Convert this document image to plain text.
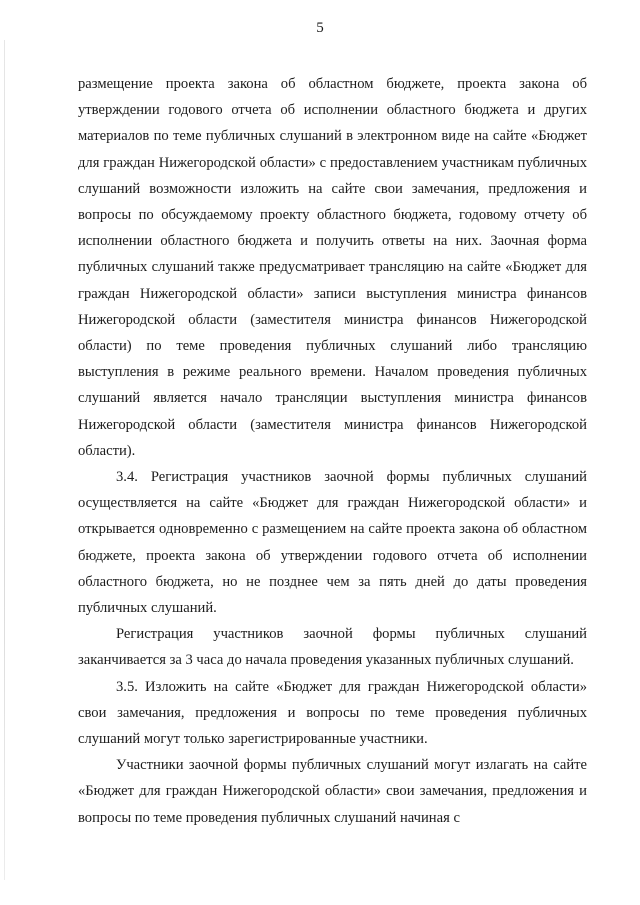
5

размещение проекта закона об областном бюджете, проекта закона об утверждении годового отчета об исполнении областного бюджета и других материалов по теме публичных слушаний в электронном виде на сайте «Бюджет для граждан Нижегородской области» с предоставлением участникам публичных слушаний возможности изложить на сайте свои замечания, предложения и вопросы по обсуждаемому проекту областного бюджета, годовому отчету об исполнении областного бюджета и получить ответы на них. Заочная форма публичных слушаний также предусматривает трансляцию на сайте «Бюджет для граждан Нижегородской области» записи выступления министра финансов Нижегородской области (заместителя министра финансов Нижегородской области) по теме проведения публичных слушаний либо трансляцию выступления в режиме реального времени. Началом проведения публичных слушаний является начало трансляции выступления министра финансов Нижегородской области (заместителя министра финансов Нижегородской области).

3.4. Регистрация участников заочной формы публичных слушаний осуществляется на сайте «Бюджет для граждан Нижегородской области» и открывается одновременно с размещением на сайте проекта закона об областном бюджете, проекта закона об утверждении годового отчета об исполнении областного бюджета, но не позднее чем за пять дней до даты проведения публичных слушаний.

Регистрация участников заочной формы публичных слушаний заканчивается за 3 часа до начала проведения указанных публичных слушаний.

3.5. Изложить на сайте «Бюджет для граждан Нижегородской области» свои замечания, предложения и вопросы по теме проведения публичных слушаний могут только зарегистрированные участники.

Участники заочной формы публичных слушаний могут излагать на сайте «Бюджет для граждан Нижегородской области» свои замечания, предложения и вопросы по теме проведения публичных слушаний начиная с
